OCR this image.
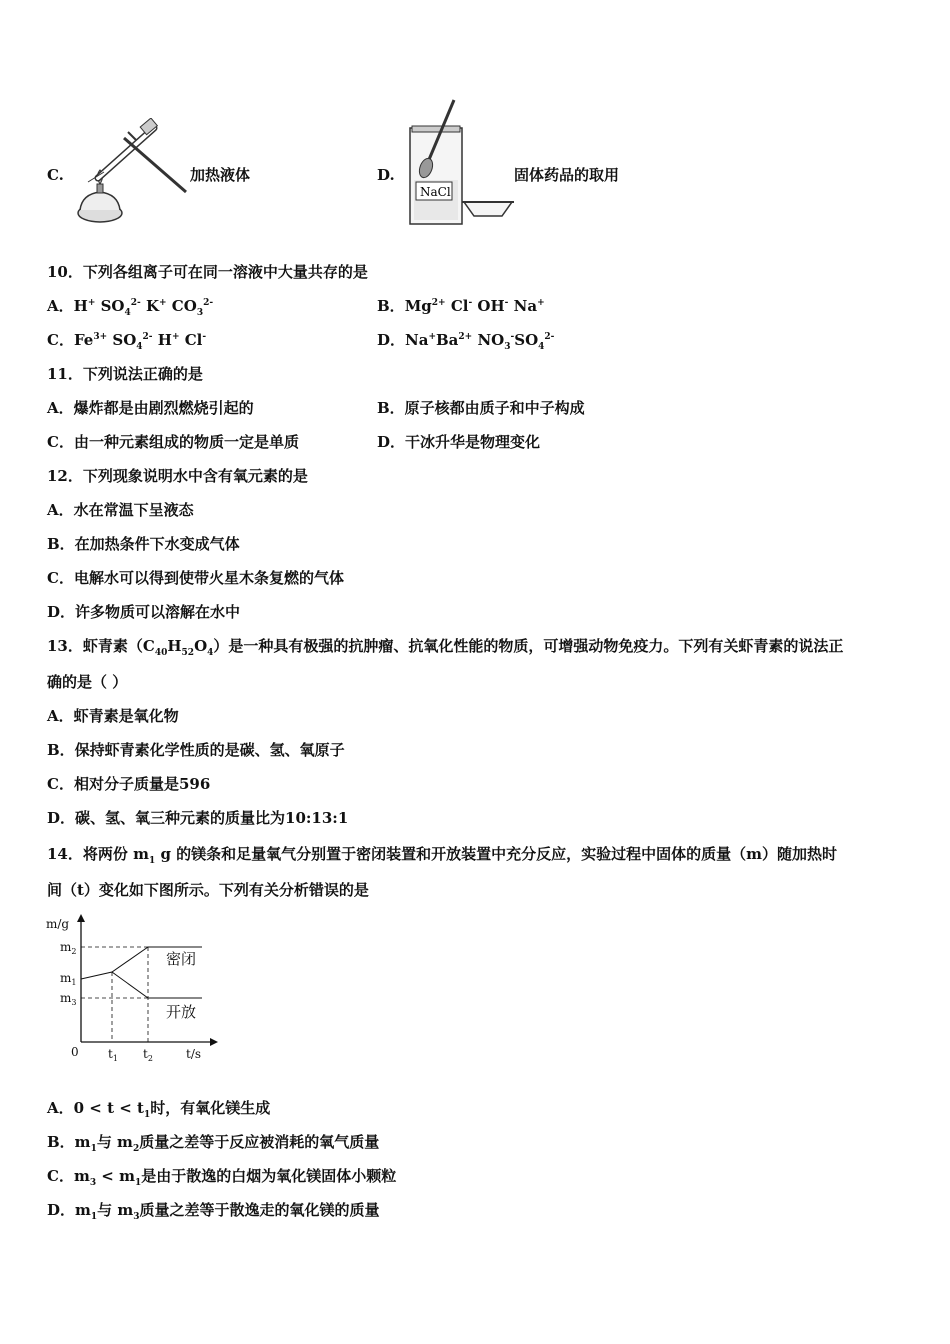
C.	加热液体	D.
NaCl
固体药品的取用
10．下列各组离子可在同一溶液中大量共存的是
A．H+ $SO_4^{2-}$ K+ $CO_3^{2-}$	B．$Mg^{2+}$ Cl- OH- Na+
C．$Fe^{3+}$ $SO_4^{2-}$ H+ Cl-	D．$Na^+Ba^{2+}$ $NO_3^-SO_4^{2-}$
11．下列说法正确的是
A．爆炸都是由剧烈燃烧引起的	B．原子核都由质子和中子构成
C．由一种元素组成的物质一定是单质	D．干冰升华是物理变化
12．下列现象说明水中含有氧元素的是
A．水在常温下呈液态
B．在加热条件下水变成气体
C．电解水可以得到使带火星木条复燃的气体
D．许多物质可以溶解在水中
13．虾青素$(C_{40}H_{52}O_4)$是一种具有极强的抗肿瘤、抗氧化性能的物质，可增强动物免疫力。下列有关虾青素的说法正
确的是（ ）
A．虾青素是氧化物
B．保持虾青素化学性质的是碳、氢、氧原子
C．相对分子质量是596
D．碳、氢、氧三种元素的质量比为10:13:1
14．将两份 $m_1$ g 的镁条和足量氧气分别置于密闭装置和开放装置中充分反应，实验过程中固体的质量（m）随加热时
间（t）变化如下图所示。下列有关分析错误的是
m/g
$m_2$
$m_1$
$m_3$
0 $t_1$ $t_2$	t/s
密闭
开放
A．$0 < t < t_1$时，有氧化镁生成
B．$m_1$与 $m_2$质量之差等于反应被消耗的氧气质量
C．$m_3 < m_1$是由于散逸的白烟为氧化镁固体小颗粒
D．$m_1$与 $m_3$质量之差等于散逸走的氧化镁的质量
